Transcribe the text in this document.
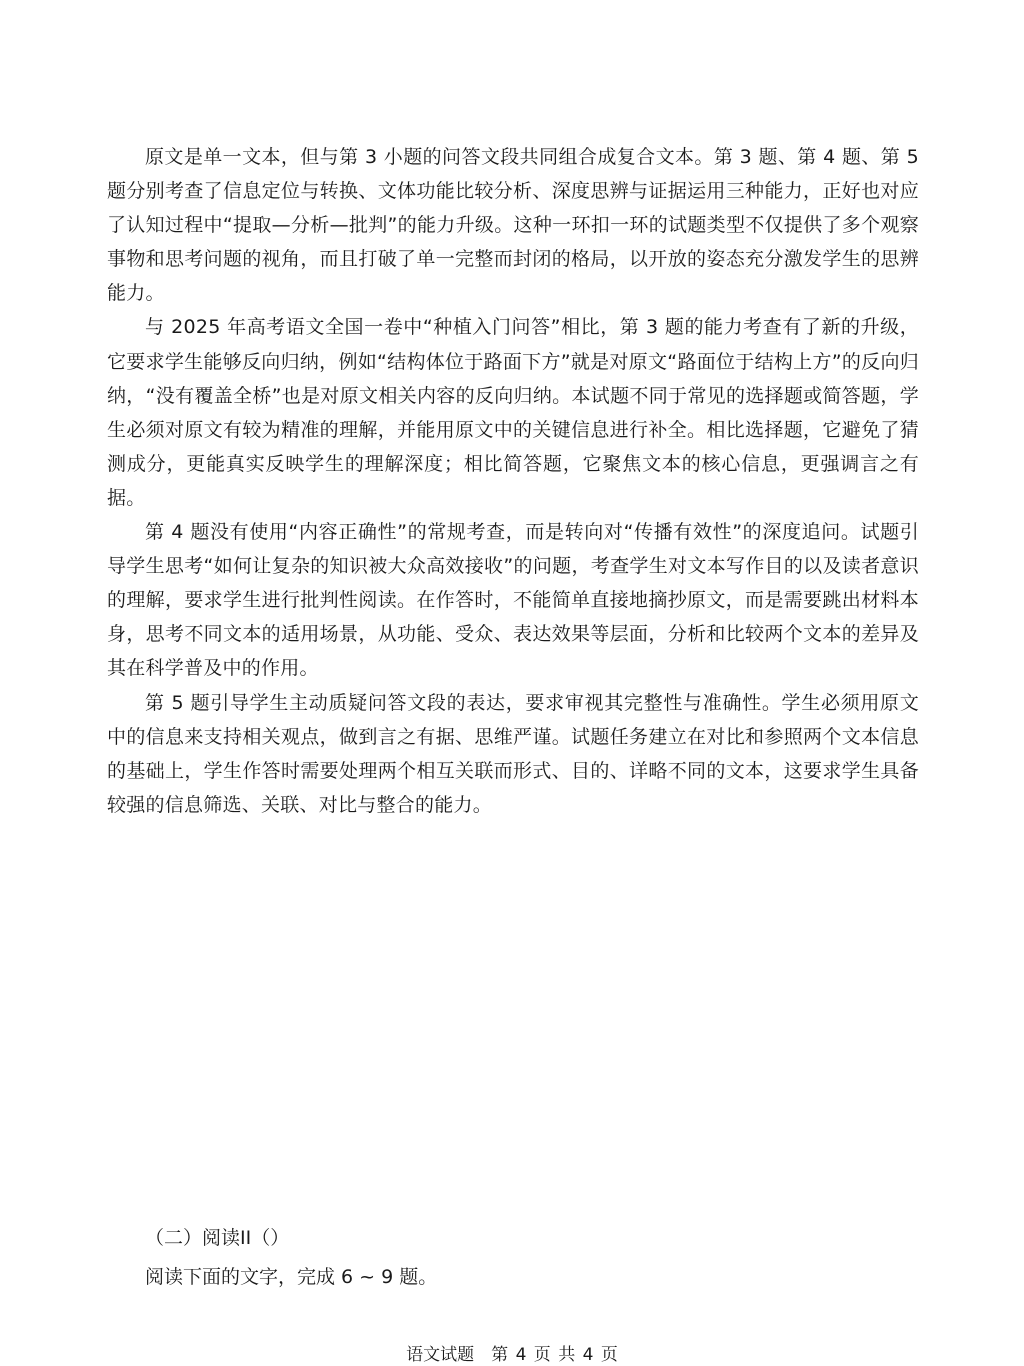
原文是单一文本，但与第 3 小题的问答文段共同组合成复合文本。第 3 题、第 4 题、第 5 题分别考查了信息定位与转换、文体功能比较分析、深度思辨与证据运用三种能力，正好也对应了认知过程中“提取—分析—批判”的能力升级。这种一环扣一环的试题类型不仅提供了多个观察事物和思考问题的视角，而且打破了单一完整而封闭的格局，以开放的姿态充分激发学生的思辨能力。

与 2025 年高考语文全国一卷中“种植入门问答”相比，第 3 题的能力考查有了新的升级，它要求学生能够反向归纳，例如“结构体位于路面下方”就是对原文“路面位于结构上方”的反向归纳，“没有覆盖全桥”也是对原文相关内容的反向归纳。本试题不同于常见的选择题或简答题，学生必须对原文有较为精准的理解，并能用原文中的关键信息进行补全。相比选择题，它避免了猜测成分，更能真实反映学生的理解深度；相比简答题，它聚焦文本的核心信息，更强调言之有据。

第 4 题没有使用“内容正确性”的常规考查，而是转向对“传播有效性”的深度追问。试题引导学生思考“如何让复杂的知识被大众高效接收”的问题，考查学生对文本写作目的以及读者意识的理解，要求学生进行批判性阅读。在作答时，不能简单直接地摘抄原文，而是需要跳出材料本身，思考不同文本的适用场景，从功能、受众、表达效果等层面，分析和比较两个文本的差异及其在科学普及中的作用。

第 5 题引导学生主动质疑问答文段的表达，要求审视其完整性与准确性。学生必须用原文中的信息来支持相关观点，做到言之有据、思维严谨。试题任务建立在对比和参照两个文本信息的基础上，学生作答时需要处理两个相互关联而形式、目的、详略不同的文本，这要求学生具备较强的信息筛选、关联、对比与整合的能力。

（二）阅读II（）

阅读下面的文字，完成 6 ~ 9 题。

语文试题　第 4 页 共 4 页
